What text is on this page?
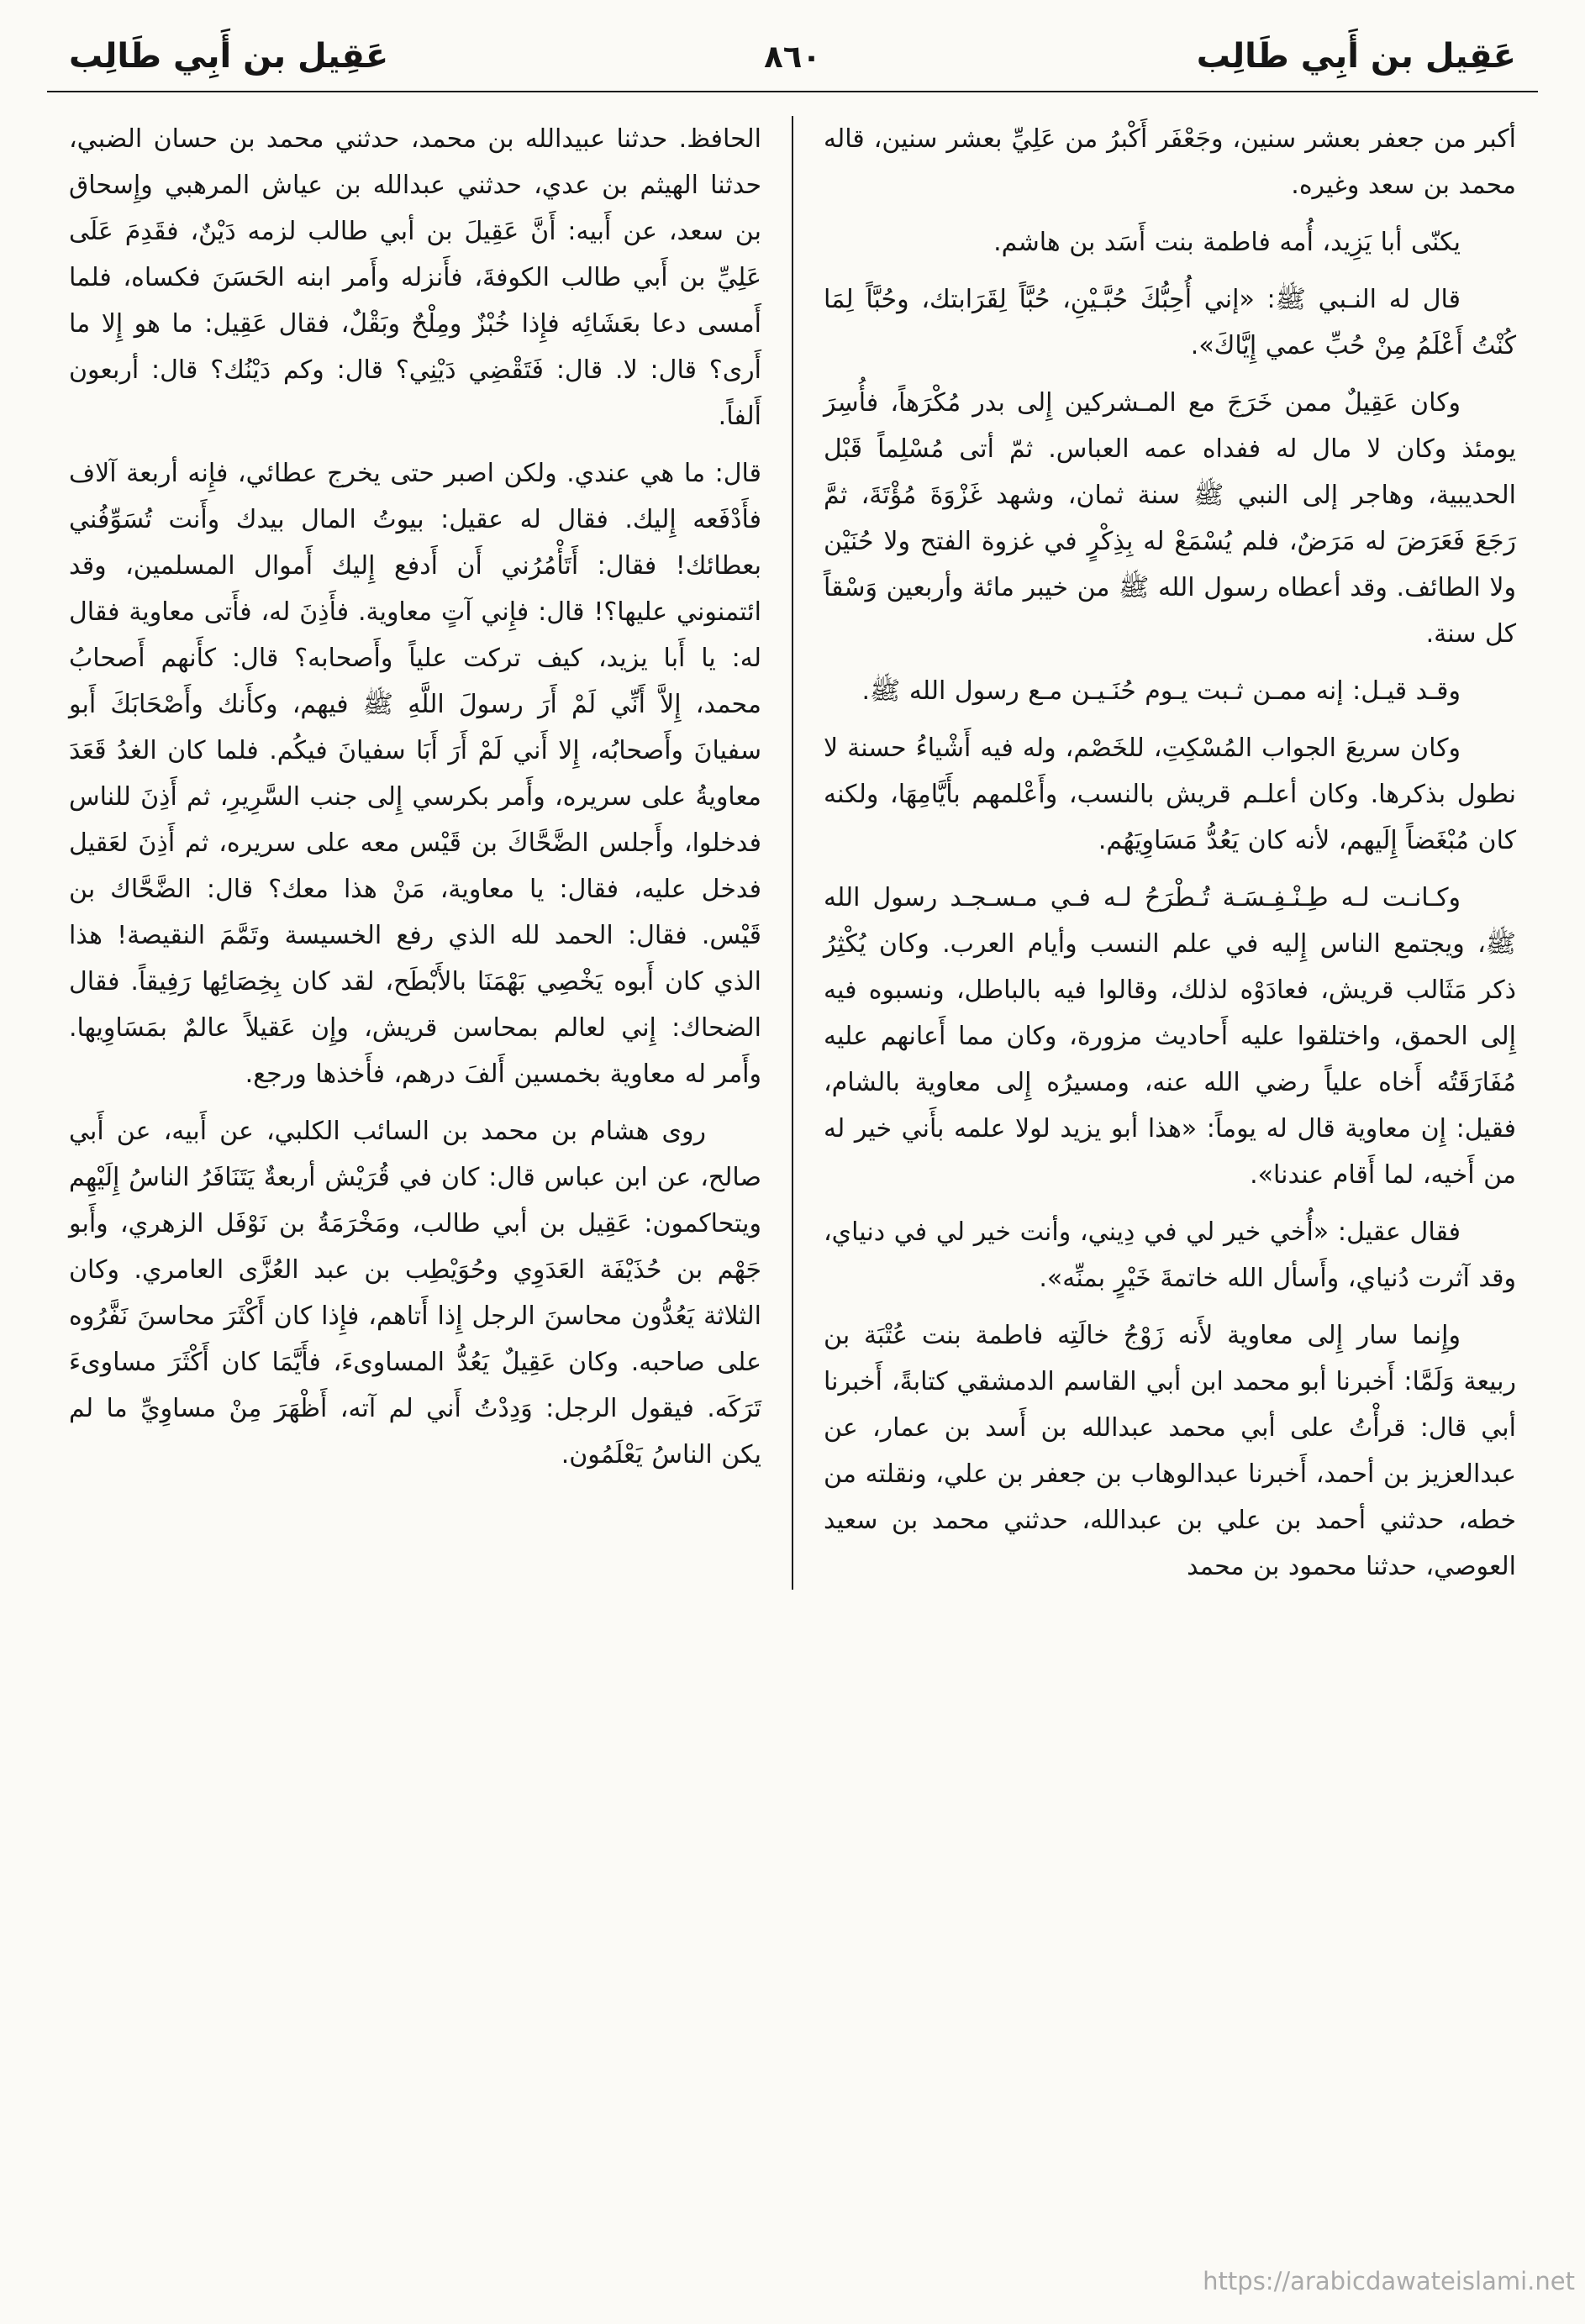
عَقِيل بن أَبِي طَالِب
٨٦٠
عَقِيل بن أَبِي طَالِب

أكبر من جعفر بعشر سنين، وجَعْفَر أَكْبرُ من عَلِيِّ بعشر سنين، قاله محمد بن سعد وغيره.

يكنّى أبا يَزِيد، أُمه فاطمة بنت أَسَد بن هاشم.

قال له النـبي ﷺ: «إني أُحِبُّكَ حُبَّـيْنِ، حُبَّاً لِقَرَابتك، وحُبَّاً لِمَا كُنْتُ أَعْلَمُ مِنْ حُبِّ عمي إِيَّاكَ».

وكان عَقِيلٌ ممن خَرَجَ مع المـشركين إِلى بدر مُكْرَهاً، فأُسِرَ يومئذ وكان لا مال له ففداه عمه العباس. ثمّ أتى مُسْلِماً قَبْل الحديبية، وهاجر إلى النبي ﷺ سنة ثمان، وشهد غَزْوَةَ مُؤْتَةَ، ثمَّ رَجَعَ فَعَرَضَ له مَرَضٌ، فلم يُسْمَعْ له بِذِكْرٍ في غزوة الفتح ولا حُنَيْن ولا الطائف. وقد أعطاه رسول الله ﷺ من خيبر مائة وأربعين وَسْقاً كل سنة.

وقـد قيـل: إنه ممـن ثـبت يـوم حُنَـيـن مـع رسول الله ﷺ.

وكان سريعَ الجواب المُسْكِتِ، للخَصْم، وله فيه أَشْياءُ حسنة لا نطول بذكرها. وكان أعلـم قريش بالنسب، وأَعْلمهم بأَيَّامِهَا، ولكنه كان مُبْغَضاً إِلَيهم، لأنه كان يَعُدُّ مَسَاوِيَهُم.

وكـانـت لـه طِـنْـفِـسَـة تُـطْرَحُ لـه فـي مـسـجـد رسول الله ﷺ، ويجتمع الناس إِليه في علم النسب وأيام العرب. وكان يُكْثِرُ ذكر مَثَالب قريش، فعادَوْه لذلك، وقالوا فيه بالباطل، ونسبوه فيه إِلى الحمق، واختلقوا عليه أَحاديث مزورة، وكان مما أَعانهم عليه مُفَارَقَتُه أَخاه علياً رضي الله عنه، ومسيرُه إِلى معاوية بالشام، فقيل: إِن معاوية قال له يوماً: «هذا أبو يزيد لولا علمه بأَني خير له من أَخيه، لما أَقام عندنا».

فقال عقيل: «أُخي خير لي في دِيني، وأنت خير لي في دنياي، وقد آثرت دُنياي، وأَسأل الله خاتمةَ خَيْرٍ بمنِّه».

وإِنما سار إِلى معاوية لأَنه زَوْجُ خالَتِه فاطمة بنت عُتْبَة بن ربيعة وَلَمَّا: أَخبرنا أبو محمد ابن أبي القاسم الدمشقي كتابةً، أَخبرنا أبي قال: قرأْتُ على أبي محمد عبدالله بن أَسد بن عمار، عن عبدالعزيز بن أحمد، أَخبرنا عبدالوهاب بن جعفر بن علي، ونقلته من خطه، حدثني أحمد بن علي بن عبدالله، حدثني محمد بن سعيد العوصي، حدثنا محمود بن محمد

الحافظ. حدثنا عبيدالله بن محمد، حدثني محمد بن حسان الضبي، حدثنا الهيثم بن عدي، حدثني عبدالله بن عياش المرهبي وإِسحاق بن سعد، عن أَبيه: أَنَّ عَقِيلَ بن أبي طالب لزمه دَيْنٌ، فقَدِمَ عَلَى عَلِيِّ بن أَبي طالب الكوفةَ، فأَنزله وأَمر ابنه الحَسَنَ فكساه، فلما أَمسى دعا بعَشَائِه فإِذا خُبْزٌ ومِلْحٌ وبَقْلٌ، فقال عَقِيل: ما هو إِلا ما أَرى؟ قال: لا. قال: فَتَقْضِي دَيْنِي؟ قال: وكم دَيْنُك؟ قال: أربعون أَلفاً.

قال: ما هي عندي. ولكن اصبر حتى يخرج عطائي، فإِنه أربعة آلاف فأَدْفَعه إِليك. فقال له عقيل: بيوتُ المال بيدك وأَنت تُسَوِّفُني بعطائك! فقال: أَتَأْمُرُني أَن أَدفع إِليك أَموال المسلمين، وقد ائتمنوني عليها؟! قال: فإِني آتٍ معاوية. فأَذِنَ له، فأَتى معاوية فقال له: يا أَبا يزيد، كيف تركت علياً وأَصحابه؟ قال: كأَنهم أَصحابُ محمد، إِلاَّ أَنِّي لَمْ أَرَ رسولَ اللَّهِ ﷺ فيهم، وكأَنك وأَصْحَابَكَ أَبو سفيانَ وأَصحابُه، إِلا أَني لَمْ أَرَ أَبَا سفيانَ فيكُم. فلما كان الغدُ قَعَدَ معاويةُ على سريره، وأَمر بكرسي إِلى جنب السَّرِيرِ، ثم أَذِنَ للناس فدخلوا، وأَجلس الضَّحَّاكَ بن قَيْس معه على سريره، ثم أَذِنَ لعَقيل فدخل عليه، فقال: يا معاوية، مَنْ هذا معك؟ قال: الضَّحَّاك بن قَيْس. فقال: الحمد لله الذي رفع الخسيسة وتَمَّمَ النقيصة! هذا الذي كان أَبوه يَخْصِي بَهْمَنَا بالأَبْطَح، لقد كان بِخِصَائِها رَفِيقاً. فقال الضحاك: إِني لعالم بمحاسن قريش، وإِن عَقيلاً عالمٌ بمَسَاوِيها. وأَمر له معاوية بخمسين أَلفَ درهم، فأَخذها ورجع.

روى هشام بن محمد بن السائب الكلبي، عن أَبيه، عن أَبي صالح، عن ابن عباس قال: كان في قُرَيْش أربعةٌ يَتَنَافَرُ الناسُ إِلَيْهِم ويتحاكمون: عَقِيل بن أبي طالب، ومَخْرَمَةُ بن نَوْفَل الزهري، وأَبو جَهْم بن حُذَيْفَة العَدَوِي وحُوَيْطِب بن عبد العُزَّى العامري. وكان الثلاثة يَعُدُّون محاسنَ الرجل إِذا أَتاهم، فإِذا كان أَكْثَرَ محاسنَ نَفَّرُوه على صاحبه. وكان عَقِيلٌ يَعُدُّ المساوىءَ، فأَيَّمَا كان أَكْثَرَ مساوىءَ تَرَكَه. فيقول الرجل: وَدِدْتُ أَني لم آته، أَظْهَرَ مِنْ مساوِيِّ ما لم يكن الناسُ يَعْلَمُون.

https://arabicdawateislami.net
